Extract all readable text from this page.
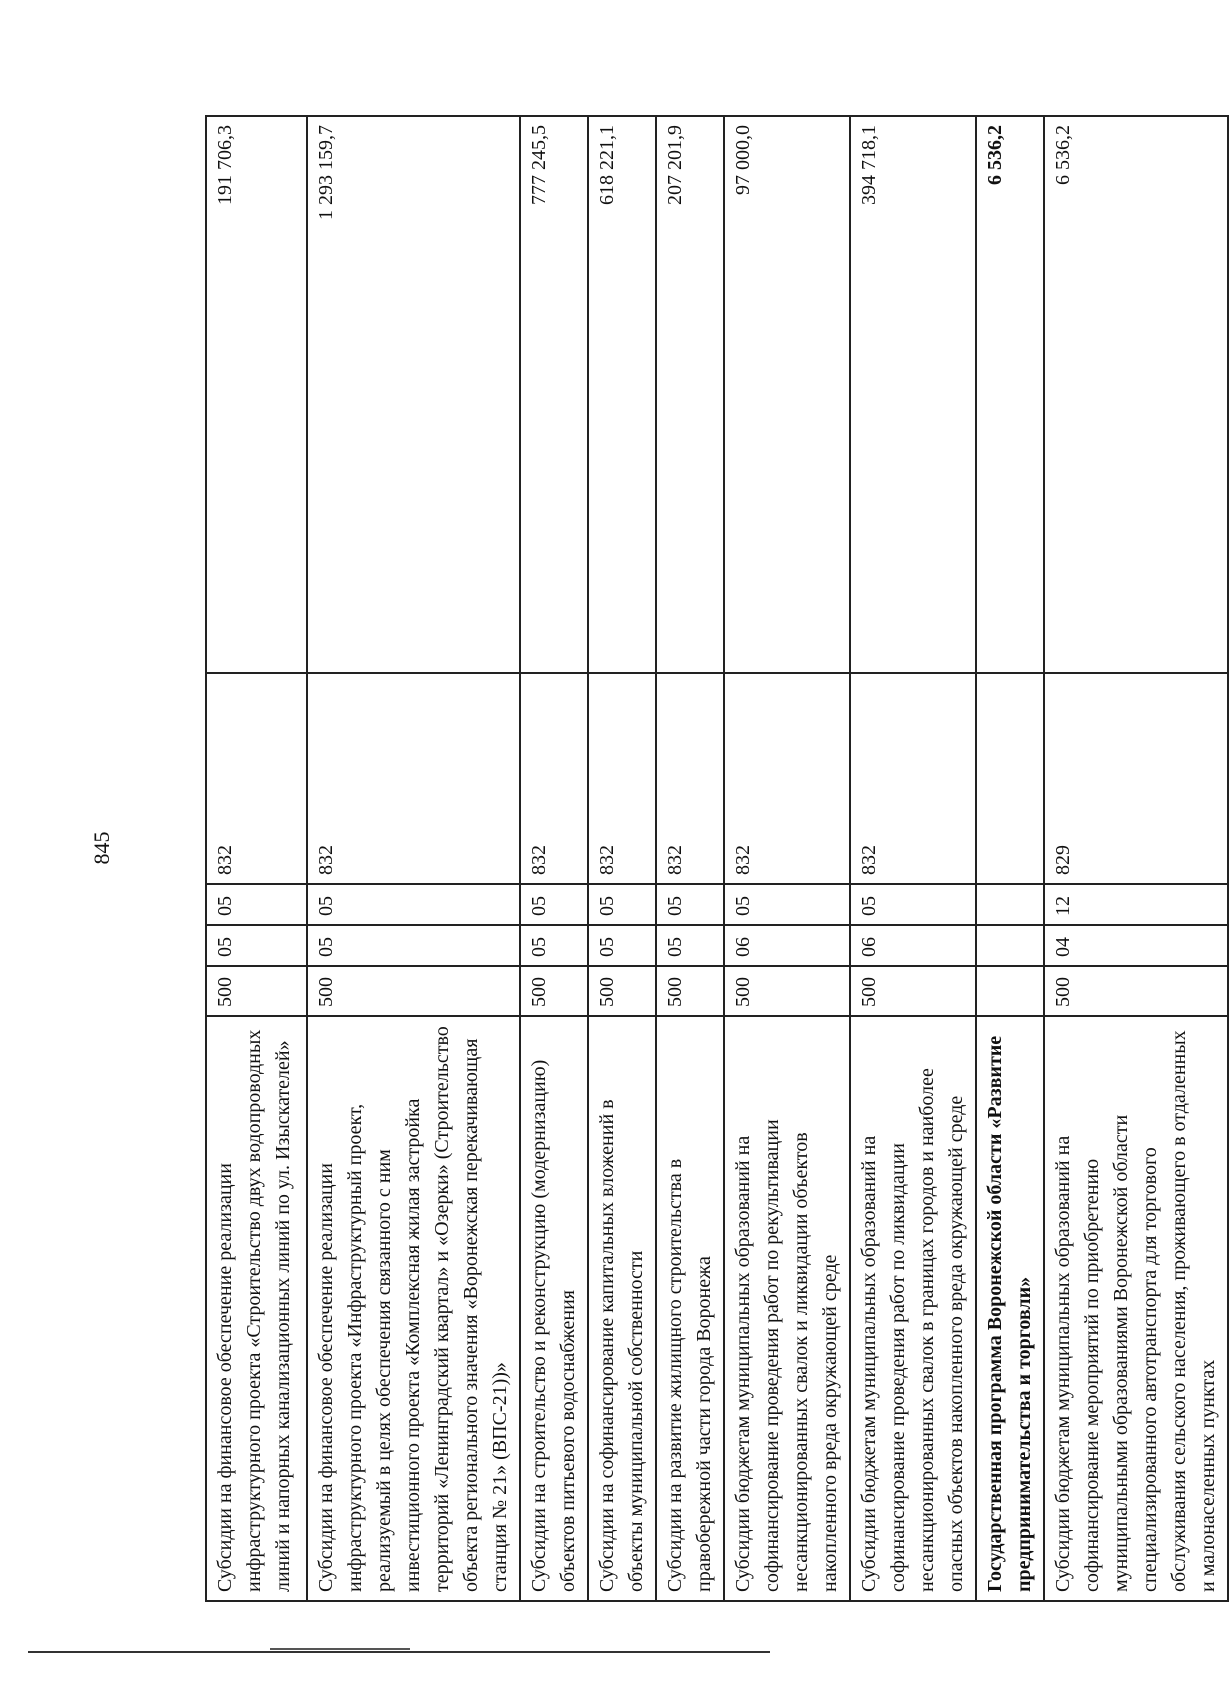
845
Субсидии на финансовое обеспечение реализации инфраструктурного проекта «Строительство двух водопроводных линий и напорных канализационных линий по ул. Изыскателей»	500	05	05	832	191 706,3
Субсидии на финансовое обеспечение реализации инфраструктурного проекта «Инфраструктурный проект, реализуемый в целях обеспечения связанного с ним инвестиционного проекта «Комплексная жилая застройка территорий «Ленинградский квартал» и «Озерки» (Строительство объекта регионального значения «Воронежская перекачивающая станция № 21» (ВПС-21))»	500	05	05	832	1 293 159,7
Субсидии на строительство и реконструкцию (модернизацию) объектов питьевого водоснабжения	500	05	05	832	777 245,5
Субсидии на софинансирование капитальных вложений в объекты муниципальной собственности	500	05	05	832	618 221,1
Субсидии на развитие жилищного строительства в правобережной части города Воронежа	500	05	05	832	207 201,9
Субсидии бюджетам муниципальных образований на софинансирование проведения работ по рекультивации несанкционированных свалок и ликвидации объектов накопленного вреда окружающей среде	500	06	05	832	97 000,0
Субсидии бюджетам муниципальных образований на софинансирование проведения работ по ликвидации несанкционированных свалок в границах городов и наиболее опасных объектов накопленного вреда окружающей среде	500	06	05	832	394 718,1
Государственная программа Воронежской области «Развитие предпринимательства и торговли»					6 536,2
Субсидии бюджетам муниципальных образований на софинансирование мероприятий по приобретению муниципальными образованиями Воронежской области специализированного автотранспорта для торгового обслуживания сельского населения, проживающего в отдаленных и малонаселенных пунктах	500	04	12	829	6 536,2
